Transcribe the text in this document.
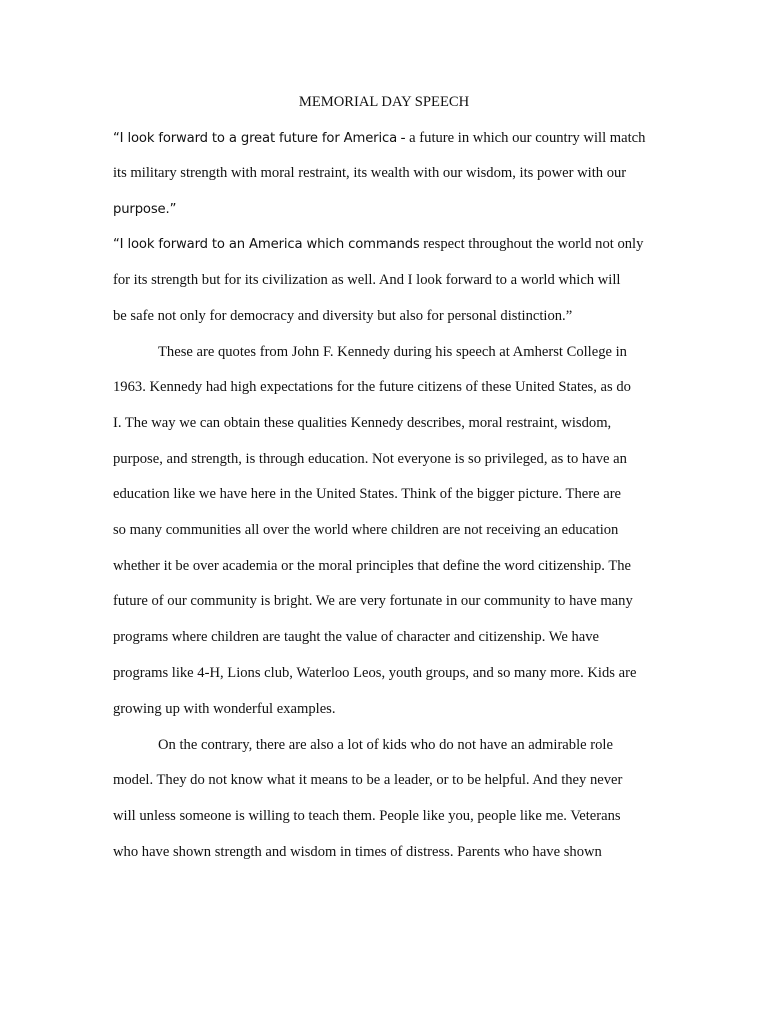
MEMORIAL DAY SPEECH
“I look forward to a great future for America - a future in which our country will match
its military strength with moral restraint, its wealth with our wisdom, its power with our
purpose.”
“I look forward to an America which commands respect throughout the world not only
for its strength but for its civilization as well. And I look forward to a world which will
be safe not only for democracy and diversity but also for personal distinction.”
These are quotes from John F. Kennedy during his speech at Amherst College in
1963. Kennedy had high expectations for the future citizens of these United States, as do
I. The way we can obtain these qualities Kennedy describes, moral restraint, wisdom,
purpose, and strength, is through education. Not everyone is so privileged, as to have an
education like we have here in the United States. Think of the bigger picture. There are
so many communities all over the world where children are not receiving an education
whether it be over academia or the moral principles that define the word citizenship. The
future of our community is bright. We are very fortunate in our community to have many
programs where children are taught the value of character and citizenship. We have
programs like 4-H, Lions club, Waterloo Leos, youth groups, and so many more. Kids are
growing up with wonderful examples.
On the contrary, there are also a lot of kids who do not have an admirable role
model. They do not know what it means to be a leader, or to be helpful. And they never
will unless someone is willing to teach them. People like you, people like me. Veterans
who have shown strength and wisdom in times of distress. Parents who have shown
